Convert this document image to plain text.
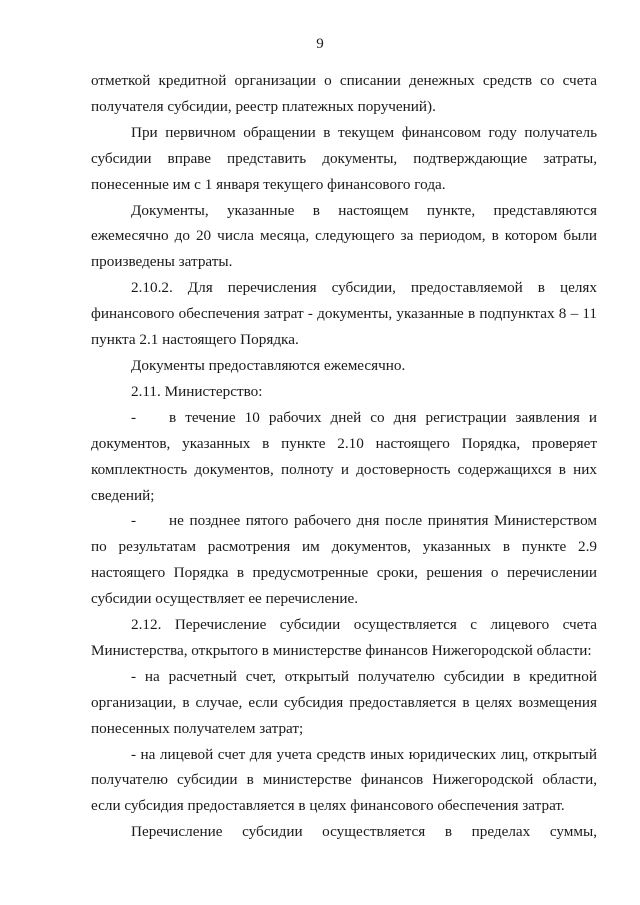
9

отметкой кредитной организации о списании денежных средств со счета получателя субсидии, реестр платежных поручений).

При первичном обращении в текущем финансовом году получатель субсидии вправе представить документы, подтверждающие затраты, понесенные им с 1 января текущего финансового года.

Документы, указанные в настоящем пункте, представляются ежемесячно до 20 числа месяца, следующего за периодом, в котором были произведены затраты.

2.10.2. Для перечисления субсидии, предоставляемой в целях финансового обеспечения затрат - документы, указанные в подпунктах 8 – 11 пункта 2.1 настоящего Порядка.

Документы предоставляются ежемесячно.

2.11. Министерство:

- в течение 10 рабочих дней со дня регистрации заявления и документов, указанных в пункте 2.10 настоящего Порядка, проверяет комплектность документов, полноту и достоверность содержащихся в них сведений;

- не позднее пятого рабочего дня после принятия Министерством по результатам расмотрения им документов, указанных в пункте 2.9 настоящего Порядка в предусмотренные сроки, решения о перечислении субсидии осуществляет ее перечисление.

2.12. Перечисление субсидии осуществляется с лицевого счета Министерства, открытого в министерстве финансов Нижегородской области:

- на расчетный счет, открытый получателю субсидии в кредитной организации, в случае, если субсидия предоставляется в целях возмещения понесенных получателем затрат;

- на лицевой счет для учета средств иных юридических лиц, открытый получателю субсидии в министерстве финансов Нижегородской области, если субсидия предоставляется в целях финансового обеспечения затрат.

Перечисление субсидии осуществляется в пределах суммы,
